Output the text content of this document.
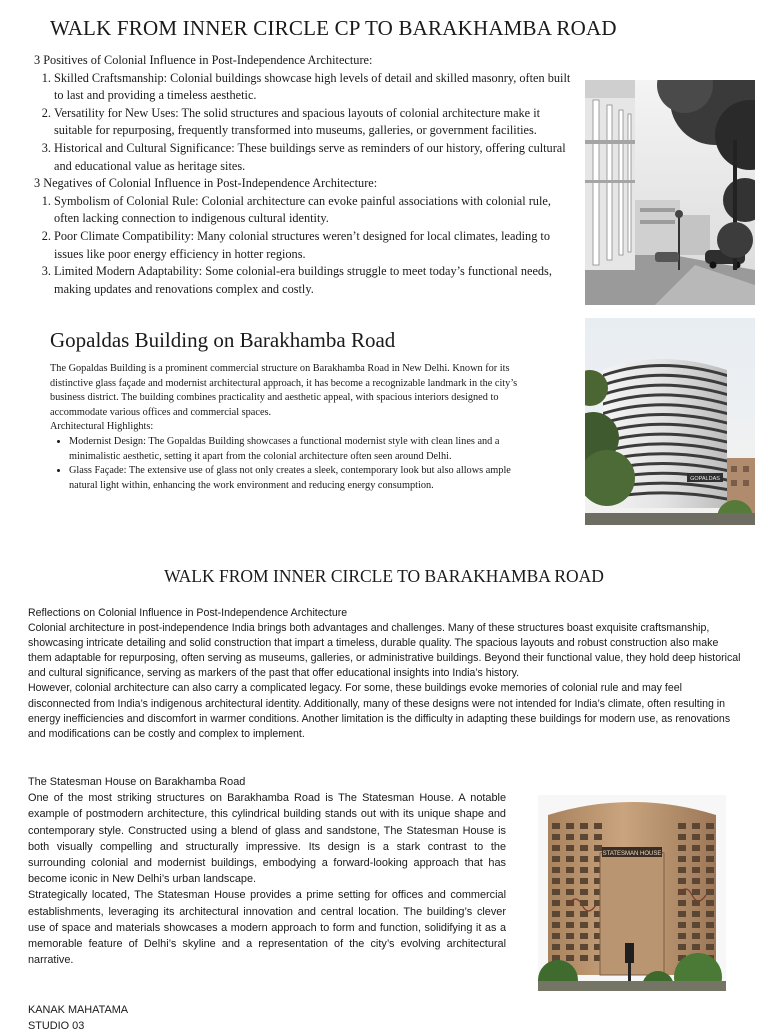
WALK FROM INNER CIRCLE CP TO BARAKHAMBA ROAD

3 Positives of Colonial Influence in Post-Independence Architecture:

1. Skilled Craftsmanship: Colonial buildings showcase high levels of detail and skilled masonry, often built to last and providing a timeless aesthetic.
2. Versatility for New Uses: The solid structures and spacious layouts of colonial architecture make it suitable for repurposing, frequently transformed into museums, galleries, or government facilities.
3. Historical and Cultural Significance: These buildings serve as reminders of our history, offering cultural and educational value as heritage sites.

3 Negatives of Colonial Influence in Post-Independence Architecture:

1. Symbolism of Colonial Rule: Colonial architecture can evoke painful associations with colonial rule, often lacking connection to indigenous cultural identity.
2. Poor Climate Compatibility: Many colonial structures weren’t designed for local climates, leading to issues like poor energy efficiency in hotter regions.
3. Limited Modern Adaptability: Some colonial-era buildings struggle to meet today’s functional needs, making updates and renovations complex and costly.
Gopaldas Building on Barakhamba Road

The Gopaldas Building is a prominent commercial structure on Barakhamba Road in New Delhi. Known for its distinctive glass façade and modernist architectural approach, it has become a recognizable landmark in the city’s business district. The building combines practicality and aesthetic appeal, with spacious interiors designed to accommodate various offices and commercial spaces.

Architectural Highlights:

• Modernist Design: The Gopaldas Building showcases a functional modernist style with clean lines and a minimalistic aesthetic, setting it apart from the colonial architecture often seen around Delhi.
• Glass Façade: The extensive use of glass not only creates a sleek, contemporary look but also allows ample natural light within, enhancing the work environment and reducing energy consumption.
GOPALDAS
WALK FROM INNER CIRCLE TO BARAKHAMBA ROAD

Reflections on Colonial Influence in Post-Independence Architecture

Colonial architecture in post-independence India brings both advantages and challenges. Many of these structures boast exquisite craftsmanship, showcasing intricate detailing and solid construction that impart a timeless, durable quality. The spacious layouts and robust construction also make them adaptable for repurposing, often serving as museums, galleries, or administrative buildings. Beyond their functional value, they hold deep historical and cultural significance, serving as markers of the past that offer educational insights into India’s history.

However, colonial architecture can also carry a complicated legacy. For some, these buildings evoke memories of colonial rule and may feel disconnected from India’s indigenous architectural identity. Additionally, many of these designs were not intended for India’s climate, often resulting in energy inefficiencies and discomfort in warmer conditions. Another limitation is the difficulty in adapting these buildings for modern use, as renovations and modifications can be costly and complex to implement.

The Statesman House on Barakhamba Road

One of the most striking structures on Barakhamba Road is The Statesman House. A notable example of postmodern architecture, this cylindrical building stands out with its unique shape and contemporary style. Constructed using a blend of glass and sandstone, The Statesman House is both visually compelling and structurally impressive. Its design is a stark contrast to the surrounding colonial and modernist buildings, embodying a forward-looking approach that has become iconic in New Delhi’s urban landscape.

Strategically located, The Statesman House provides a prime setting for offices and commercial establishments, leveraging its architectural innovation and central location. The building’s clever use of space and materials showcases a modern approach to form and function, solidifying it as a memorable feature of Delhi’s skyline and a representation of the city’s evolving architectural narrative.

STATESMAN HOUSE
KANAK MAHATAMA
STUDIO 03
